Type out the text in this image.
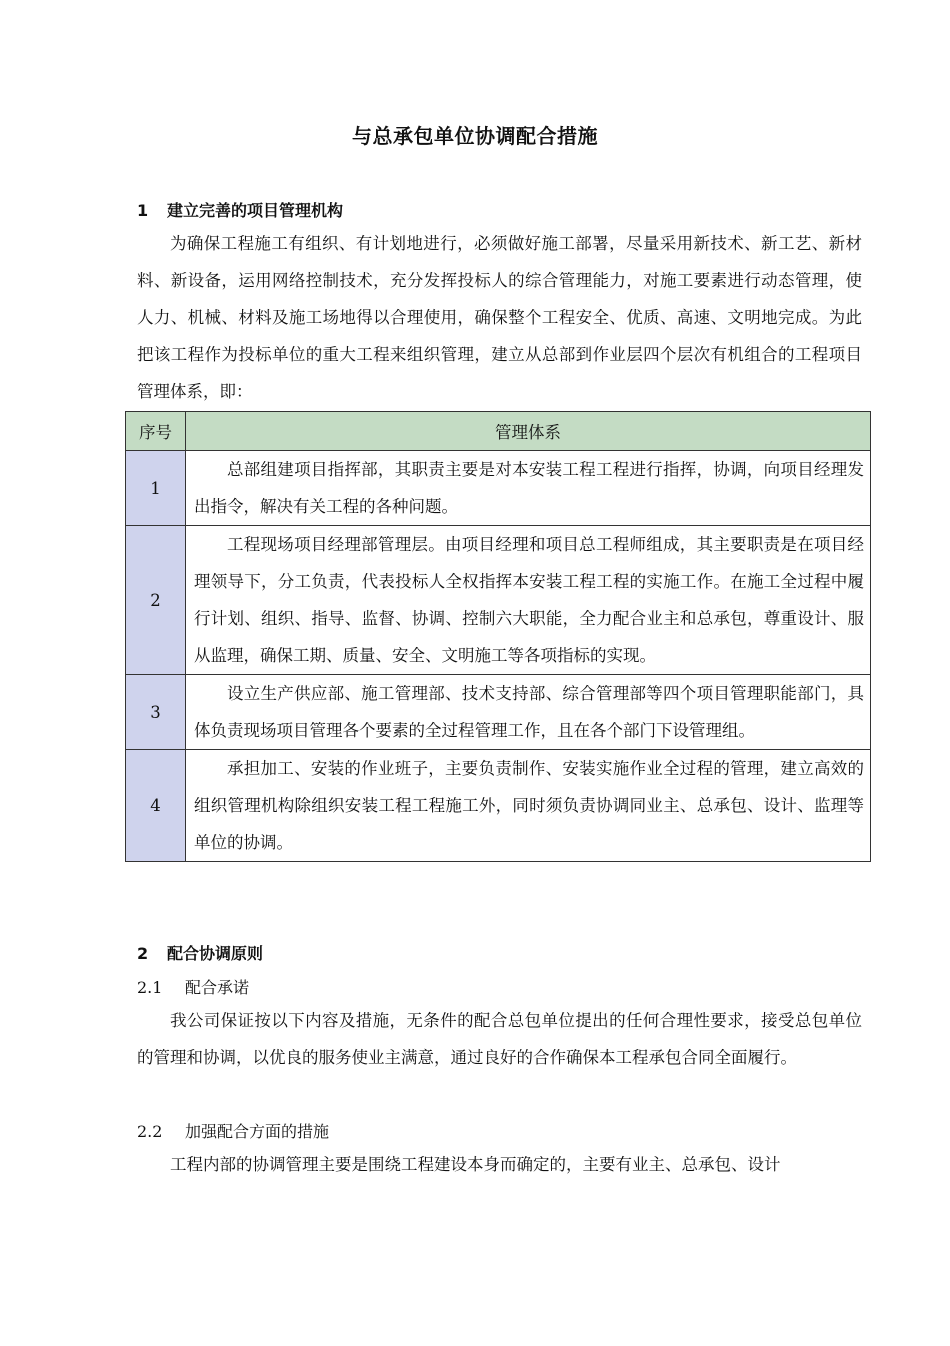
与总承包单位协调配合措施
1 建立完善的项目管理机构

为确保工程施工有组织、有计划地进行，必须做好施工部署，尽量采用新技术、新工艺、新材料、新设备，运用网络控制技术，充分发挥投标人的综合管理能力，对施工要素进行动态管理，使人力、机械、材料及施工场地得以合理使用，确保整个工程安全、优质、高速、文明地完成。为此把该工程作为投标单位的重大工程来组织管理，建立从总部到作业层四个层次有机组合的工程项目管理体系，即：

序号	管理体系
1	总部组建项目指挥部，其职责主要是对本安装工程工程进行指挥，协调，向项目经理发出指令，解决有关工程的各种问题。
2	工程现场项目经理部管理层。由项目经理和项目总工程师组成，其主要职责是在项目经理领导下，分工负责，代表投标人全权指挥本安装工程工程的实施工作。在施工全过程中履行计划、组织、指导、监督、协调、控制六大职能，全力配合业主和总承包，尊重设计、服从监理，确保工期、质量、安全、文明施工等各项指标的实现。
3	设立生产供应部、施工管理部、技术支持部、综合管理部等四个项目管理职能部门，具体负责现场项目管理各个要素的全过程管理工作，且在各个部门下设管理组。
4	承担加工、安装的作业班子，主要负责制作、安装实施作业全过程的管理，建立高效的组织管理机构除组织安装工程工程施工外，同时须负责协调同业主、总承包、设计、监理等单位的协调。
2 配合协调原则
2.1 配合承诺

我公司保证按以下内容及措施，无条件的配合总包单位提出的任何合理性要求，接受总包单位的管理和协调，以优良的服务使业主满意，通过良好的合作确保本工程承包合同全面履行。

2.2 加强配合方面的措施

工程内部的协调管理主要是围绕工程建设本身而确定的，主要有业主、总承包、设计
